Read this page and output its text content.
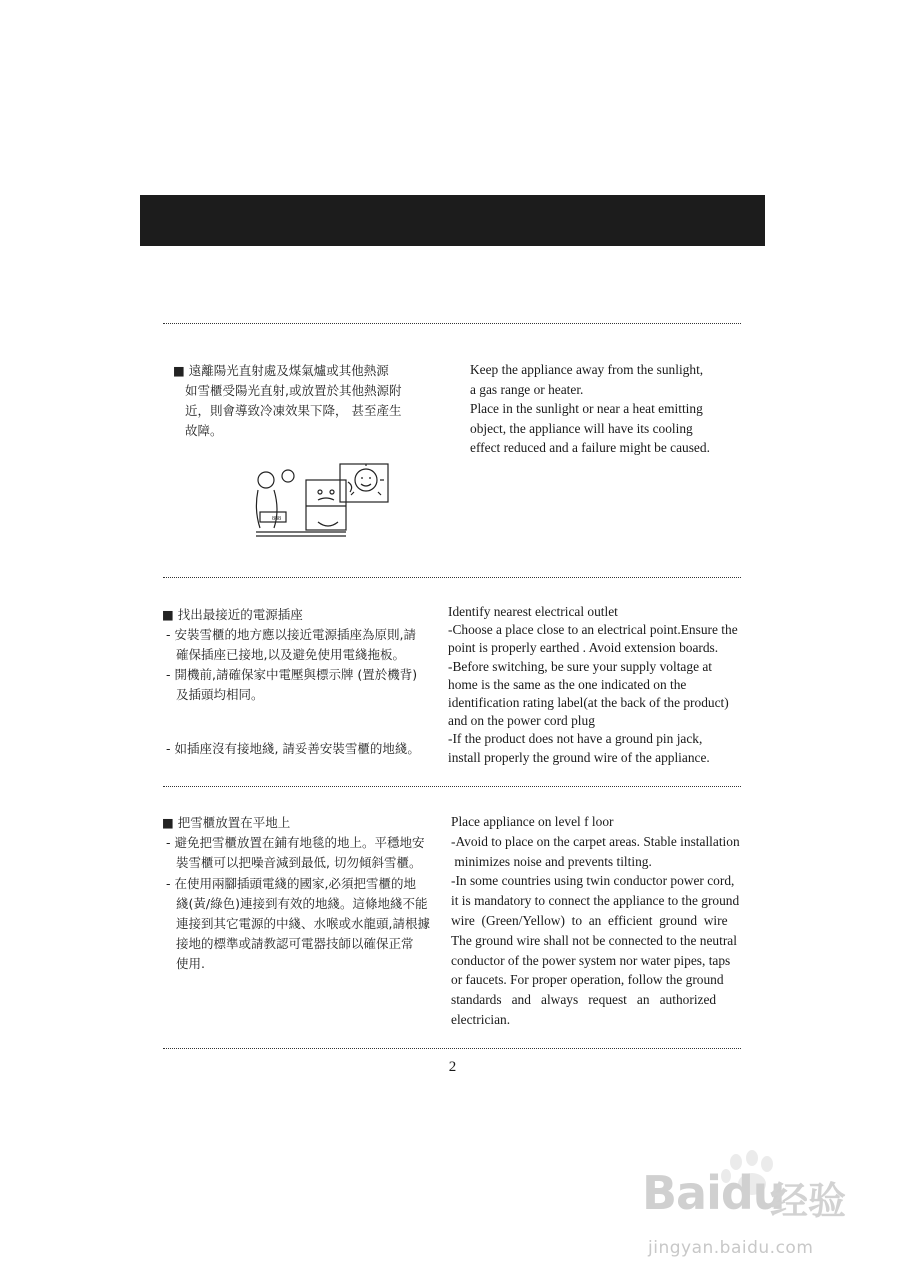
■ 遠離陽光直射處及煤氣爐或其他熱源
如雪櫃受陽光直射,或放置於其他熱源附
近，則會導致冷凍效果下降， 甚至產生
故障。
Keep the appliance away from the sunlight,
a gas range or heater.
Place in the sunlight or near a heat emitting
object, the appliance will have its cooling
effect reduced and a failure might be caused.
888
■ 找出最接近的電源插座
- 安裝雪櫃的地方應以接近電源插座為原則,請
確保插座已接地,以及避免使用電綫拖板。
- 開機前,請確保家中電壓與標示牌 (置於機背)
及插頭均相同。
- 如插座沒有接地綫, 請妥善安裝雪櫃的地綫。
Identify nearest electrical outlet
-Choose a place close to an electrical point.Ensure the
point is properly earthed . Avoid extension boards.
-Before switching, be sure your supply voltage at
home is the same as the one indicated on the
identification rating label(at the back of the product)
and on the power cord plug
-If the product does not have a ground pin jack,
install properly the ground wire of the appliance.
■ 把雪櫃放置在平地上
- 避免把雪櫃放置在鋪有地毯的地上。平穩地安
裝雪櫃可以把噪音減到最低, 切勿傾斜雪櫃。
- 在使用兩腳插頭電綫的國家,必須把雪櫃的地
綫(黃/綠色)連接到有效的地綫。這條地綫不能
連接到其它電源的中綫、水喉或水龍頭,請根據
接地的標準或請教認可電器技師以確保正常
使用.
Place appliance on level f loor
-Avoid to place on the carpet areas. Stable installation
minimizes noise and prevents tilting.
-In some countries using twin conductor power cord,
it is mandatory to connect the appliance to the ground
wire  (Green/Yellow)  to  an  efficient  ground  wire
The ground wire shall not be connected to the neutral
conductor of the power system nor water pipes, taps
or faucets. For proper operation, follow the ground
standards   and   always   request   an   authorized
electrician.
2
Baidu
经验
jingyan.baidu.com
